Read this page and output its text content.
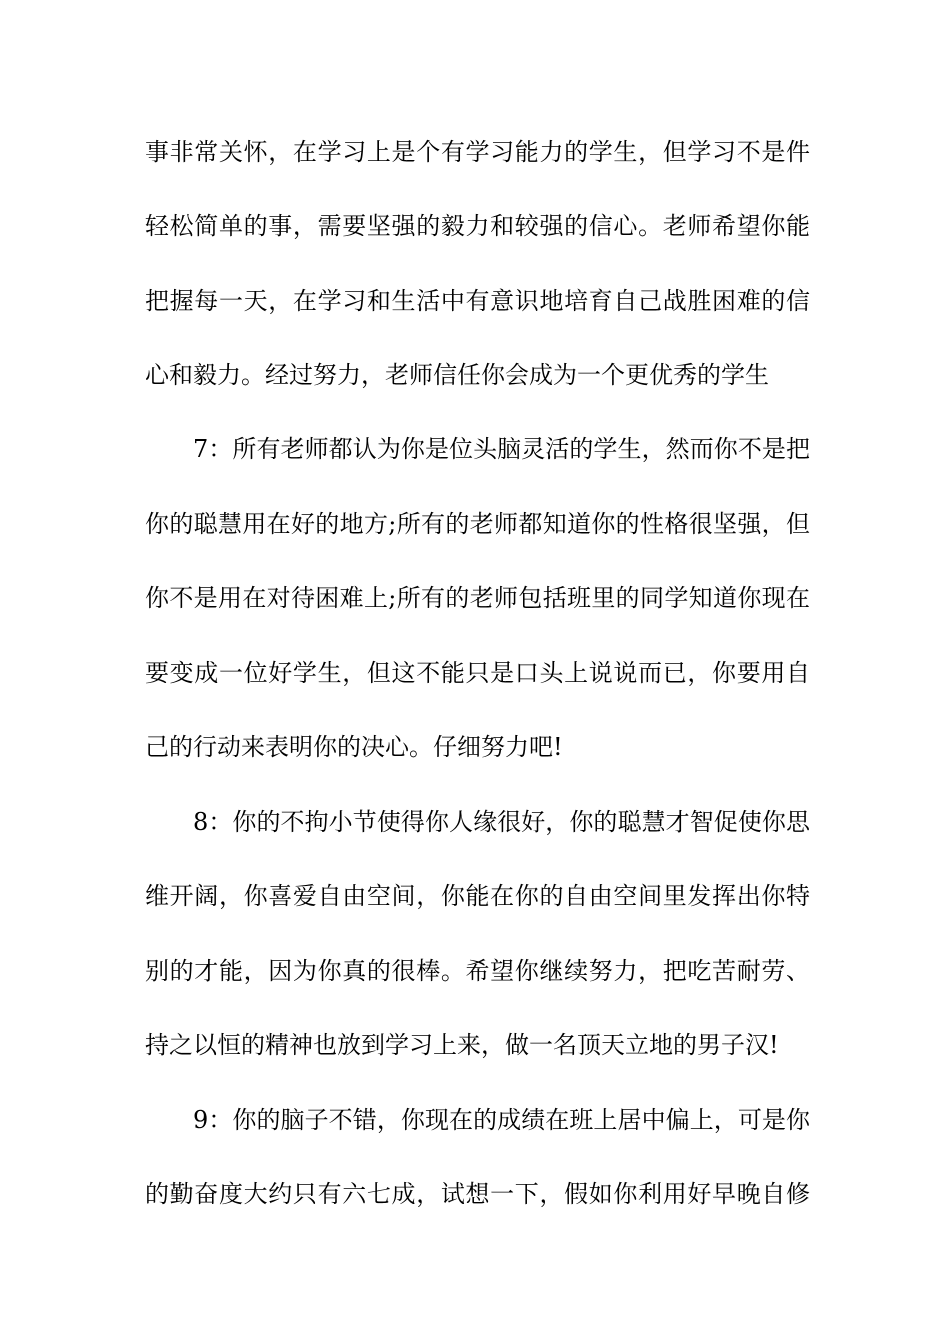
事非常关怀，在学习上是个有学习能力的学生，但学习不是件
轻松简单的事，需要坚强的毅力和较强的信心。老师希望你能
把握每一天，在学习和生活中有意识地培育自己战胜困难的信
心和毅力。经过努力，老师信任你会成为一个更优秀的学生
7：所有老师都认为你是位头脑灵活的学生，然而你不是把
你的聪慧用在好的地方;所有的老师都知道你的性格很坚强，但
你不是用在对待困难上;所有的老师包括班里的同学知道你现在
要变成一位好学生，但这不能只是口头上说说而已，你要用自
己的行动来表明你的决心。仔细努力吧!
8：你的不拘小节使得你人缘很好，你的聪慧才智促使你思
维开阔，你喜爱自由空间，你能在你的自由空间里发挥出你特
别的才能，因为你真的很棒。希望你继续努力，把吃苦耐劳、
持之以恒的精神也放到学习上来，做一名顶天立地的男子汉!
9：你的脑子不错，你现在的成绩在班上居中偏上，可是你
的勤奋度大约只有六七成，试想一下，假如你利用好早晚自修
